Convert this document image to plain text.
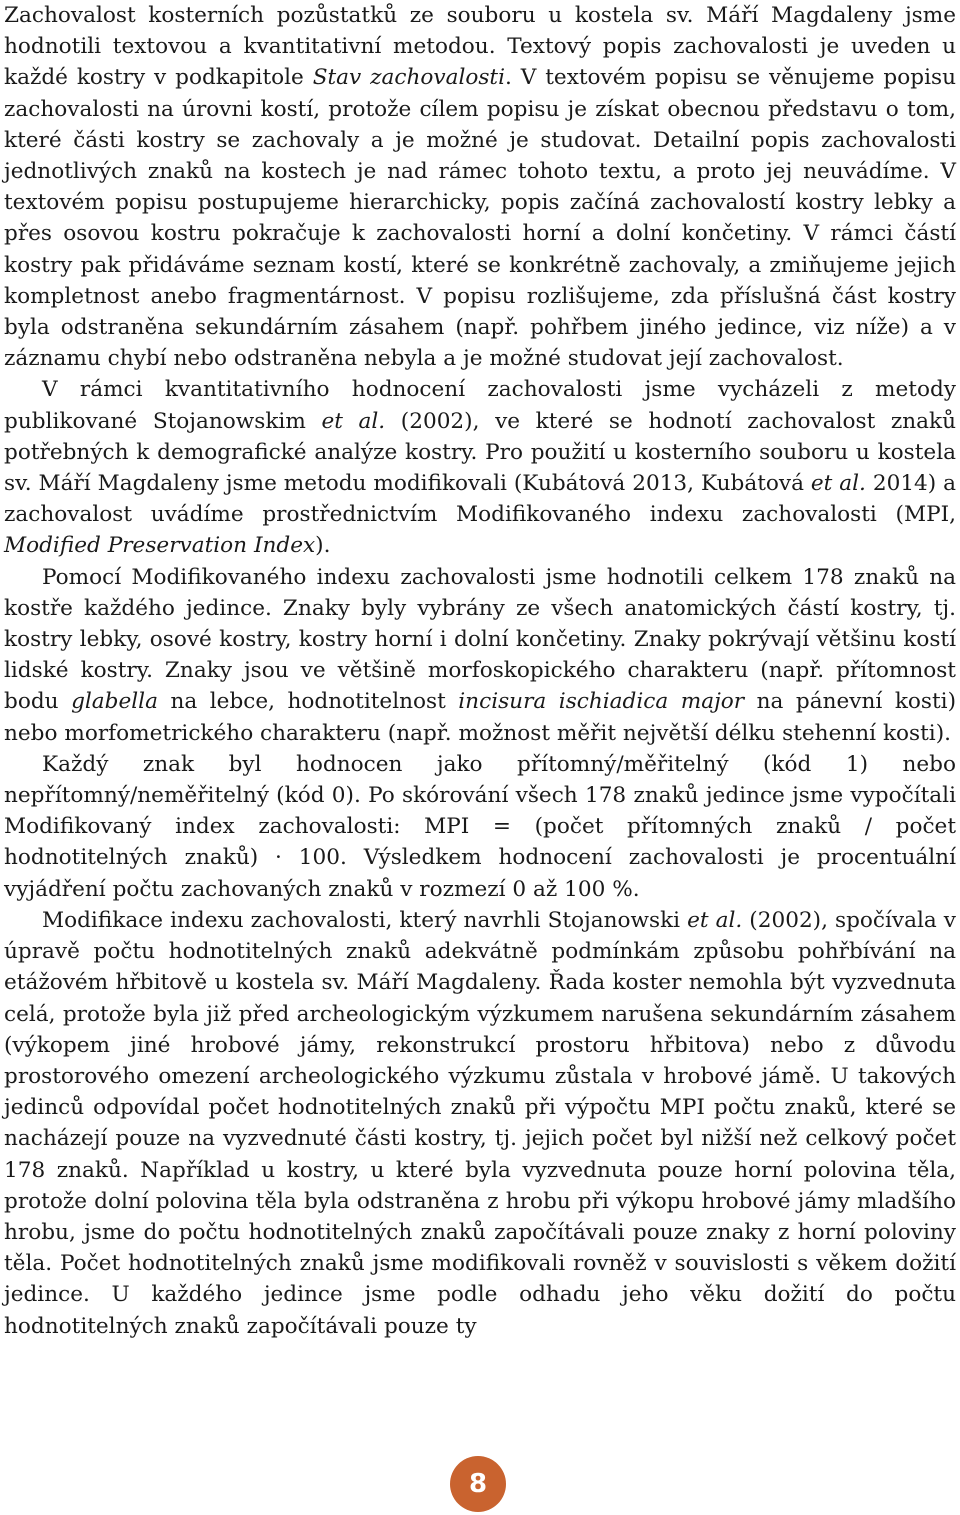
Zachovalost kosterních pozůstatků ze souboru u kostela sv. Máří Magdaleny jsme hodnotili textovou a kvantitativní metodou. Textový popis zachovalosti je uveden u každé kostry v podkapitole Stav zachovalosti. V textovém popisu se věnujeme popisu zachovalosti na úrovni kostí, protože cílem popisu je získat obecnou představu o tom, které části kostry se zachovaly a je možné je studovat. Detailní popis zachovalosti jednotlivých znaků na kostech je nad rámec tohoto textu, a proto jej neuvádíme. V textovém popisu postupujeme hierarchicky, popis začíná zachovalostí kostry lebky a přes osovou kostru pokračuje k zachovalosti horní a dolní končetiny. V rámci částí kostry pak přidáváme seznam kostí, které se konkrétně zachovaly, a zmiňujeme jejich kompletnost anebo fragmentárnost. V popisu rozlišujeme, zda příslušná část kostry byla odstraněna sekundárním zásahem (např. pohřbem jiného jedince, viz níže) a v záznamu chybí nebo odstraněna nebyla a je možné studovat její zachovalost.

V rámci kvantitativního hodnocení zachovalosti jsme vycházeli z metody publikované Stojanowskim et al. (2002), ve které se hodnotí zachovalost znaků potřebných k demografické analýze kostry. Pro použití u kosterního souboru u kostela sv. Máří Magdaleny jsme metodu modifikovali (Kubátová 2013, Kubátová et al. 2014) a zachovalost uvádíme prostřednictvím Modifikovaného indexu zachovalosti (MPI, Modified Preservation Index).

Pomocí Modifikovaného indexu zachovalosti jsme hodnotili celkem 178 znaků na kostře každého jedince. Znaky byly vybrány ze všech anatomických částí kostry, tj. kostry lebky, osové kostry, kostry horní i dolní končetiny. Znaky pokrývají většinu kostí lidské kostry. Znaky jsou ve většině morfoskopického charakteru (např. přítomnost bodu glabella na lebce, hodnotitelnost incisura ischiadica major na pánevní kosti) nebo morfometrického charakteru (např. možnost měřit největší délku stehenní kosti).

Každý znak byl hodnocen jako přítomný/měřitelný (kód 1) nebo nepřítomný/neměřitelný (kód 0). Po skórování všech 178 znaků jedince jsme vypočítali Modifikovaný index zachovalosti: MPI = (počet přítomných znaků / počet hodnotitelných znaků) · 100. Výsledkem hodnocení zachovalosti je procentuální vyjádření počtu zachovaných znaků v rozmezí 0 až 100 %.

Modifikace indexu zachovalosti, který navrhli Stojanowski et al. (2002), spočívala v úpravě počtu hodnotitelných znaků adekvátně podmínkám způsobu pohřbívání na etážovém hřbitově u kostela sv. Máří Magdaleny. Řada koster nemohla být vyzvednuta celá, protože byla již před archeologickým výzkumem narušena sekundárním zásahem (výkopem jiné hrobové jámy, rekonstrukcí prostoru hřbitova) nebo z důvodu prostorového omezení archeologického výzkumu zůstala v hrobové jámě. U takových jedinců odpovídal počet hodnotitelných znaků při výpočtu MPI počtu znaků, které se nacházejí pouze na vyzvednuté části kostry, tj. jejich počet byl nižší než celkový počet 178 znaků. Například u kostry, u které byla vyzvednuta pouze horní polovina těla, protože dolní polovina těla byla odstraněna z hrobu při výkopu hrobové jámy mladšího hrobu, jsme do počtu hodnotitelných znaků započítávali pouze znaky z horní poloviny těla. Počet hodnotitelných znaků jsme modifikovali rovněž v souvislosti s věkem dožití jedince. U každého jedince jsme podle odhadu jeho věku dožití do počtu hodnotitelných znaků započítávali pouze ty

8
